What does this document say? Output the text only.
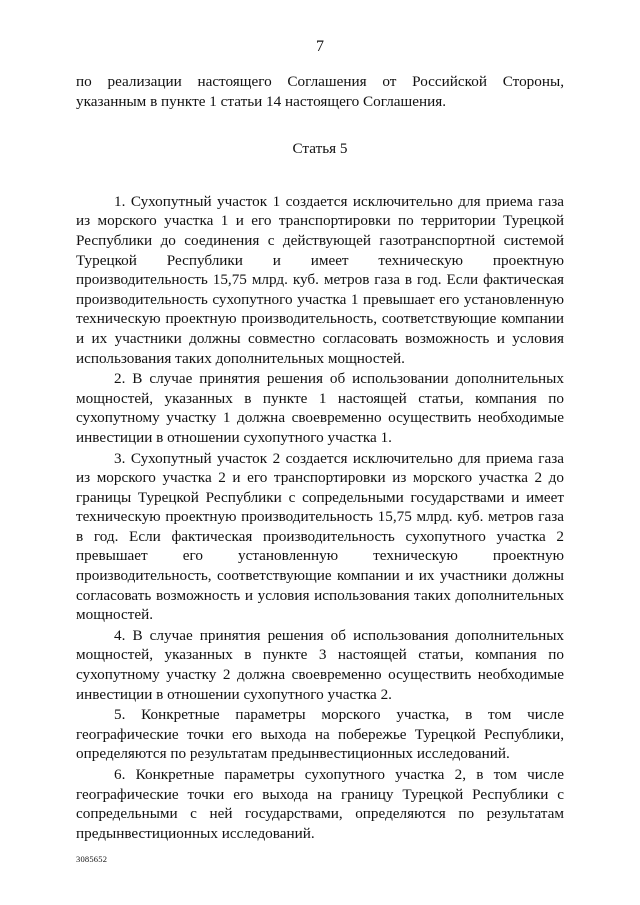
7

по реализации настоящего Соглашения от Российской Стороны, указанным в пункте 1 статьи 14 настоящего Соглашения.

Статья 5

1. Сухопутный участок 1 создается исключительно для приема газа из морского участка 1 и его транспортировки по территории Турецкой Республики до соединения с действующей газотранспортной системой Турецкой Республики и имеет техническую проектную производительность 15,75 млрд. куб. метров газа в год. Если фактическая производительность сухопутного участка 1 превышает его установленную техническую проектную производительность, соответствующие компании и их участники должны совместно согласовать возможность и условия использования таких дополнительных мощностей.

2. В случае принятия решения об использовании дополнительных мощностей, указанных в пункте 1 настоящей статьи, компания по сухопутному участку 1 должна своевременно осуществить необходимые инвестиции в отношении сухопутного участка 1.

3. Сухопутный участок 2 создается исключительно для приема газа из морского участка 2 и его транспортировки из морского участка 2 до границы Турецкой Республики с сопредельными государствами и имеет техническую проектную производительность 15,75 млрд. куб. метров газа в год. Если фактическая производительность сухопутного участка 2 превышает его установленную техническую проектную производительность, соответствующие компании и их участники должны согласовать возможность и условия использования таких дополнительных мощностей.

4. В случае принятия решения об использования дополнительных мощностей, указанных в пункте 3 настоящей статьи, компания по сухопутному участку 2 должна своевременно осуществить необходимые инвестиции в отношении сухопутного участка 2.

5. Конкретные параметры морского участка, в том числе географические точки его выхода на побережье Турецкой Республики, определяются по результатам предынвестиционных исследований.

6. Конкретные параметры сухопутного участка 2, в том числе географические точки его выхода на границу Турецкой Республики с сопредельными с ней государствами, определяются по результатам предынвестиционных исследований.

3085652
